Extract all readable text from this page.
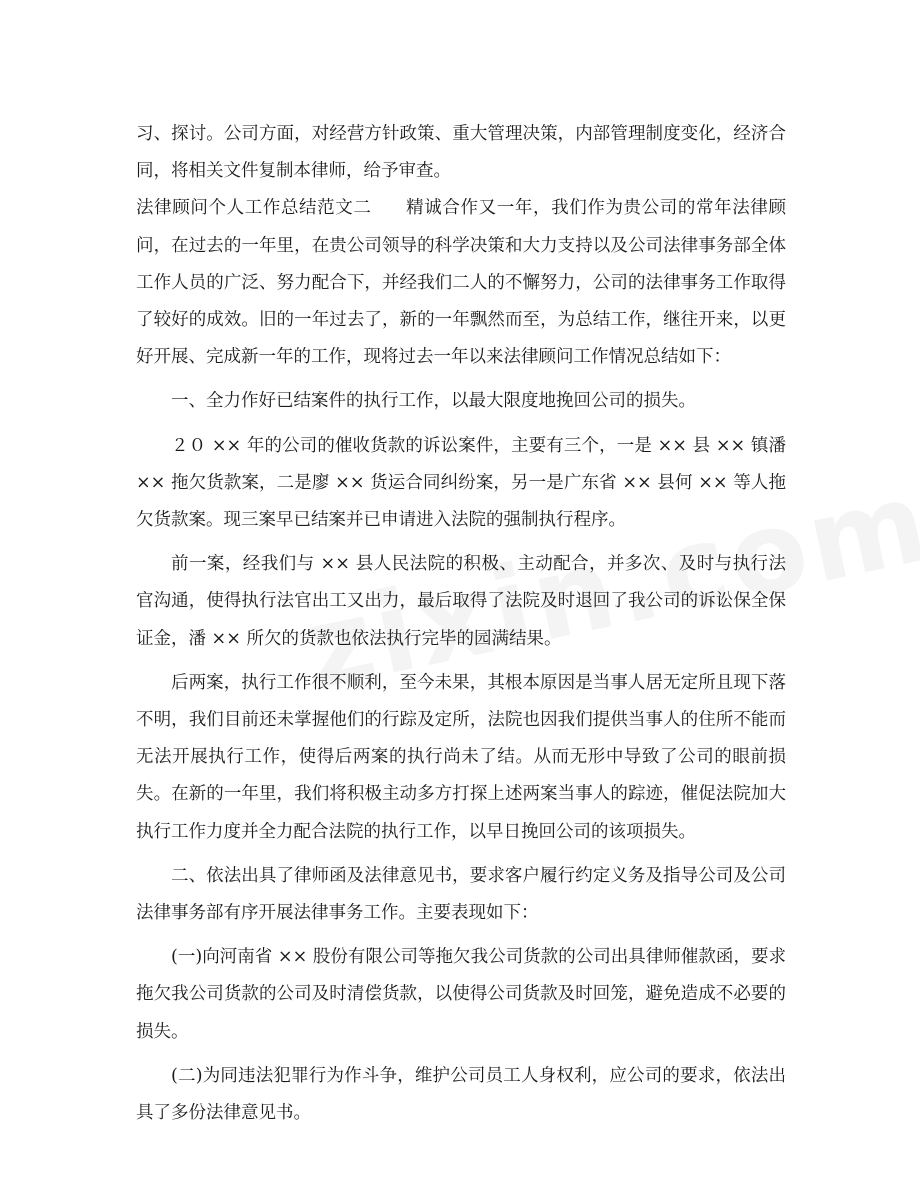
习、探讨。公司方面，对经营方针政策、重大管理决策，内部管理制度变化，经济合同，将相关文件复制本律师，给予审查。

法律顾问个人工作总结范文二 精诚合作又一年，我们作为贵公司的常年法律顾问，在过去的一年里，在贵公司领导的科学决策和大力支持以及公司法律事务部全体工作人员的广泛、努力配合下，并经我们二人的不懈努力，公司的法律事务工作取得了较好的成效。旧的一年过去了，新的一年飘然而至，为总结工作，继往开来，以更好开展、完成新一年的工作，现将过去一年以来法律顾问工作情况总结如下：

一、全力作好已结案件的执行工作，以最大限度地挽回公司的损失。

２０ ×× 年的公司的催收货款的诉讼案件，主要有三个，一是 ×× 县 ×× 镇潘 ×× 拖欠货款案，二是廖 ×× 货运合同纠纷案，另一是广东省 ×× 县何 ×× 等人拖欠货款案。现三案早已结案并已申请进入法院的强制执行程序。

前一案，经我们与 ×× 县人民法院的积极、主动配合，并多次、及时与执行法官沟通，使得执行法官出工又出力，最后取得了法院及时退回了我公司的诉讼保全保证金，潘 ×× 所欠的货款也依法执行完毕的园满结果。

后两案，执行工作很不顺利，至今未果，其根本原因是当事人居无定所且现下落不明，我们目前还未掌握他们的行踪及定所，法院也因我们提供当事人的住所不能而无法开展执行工作，使得后两案的执行尚未了结。从而无形中导致了公司的眼前损失。在新的一年里，我们将积极主动多方打探上述两案当事人的踪迹，催促法院加大执行工作力度并全力配合法院的执行工作，以早日挽回公司的该项损失。

二、依法出具了律师函及法律意见书，要求客户履行约定义务及指导公司及公司法律事务部有序开展法律事务工作。主要表现如下：

(一)向河南省 ×× 股份有限公司等拖欠我公司货款的公司出具律师催款函，要求拖欠我公司货款的公司及时清偿货款，以使得公司货款及时回笼，避免造成不必要的损失。

(二)为同违法犯罪行为作斗争，维护公司员工人身权利，应公司的要求，依法出具了多份法律意见书。
